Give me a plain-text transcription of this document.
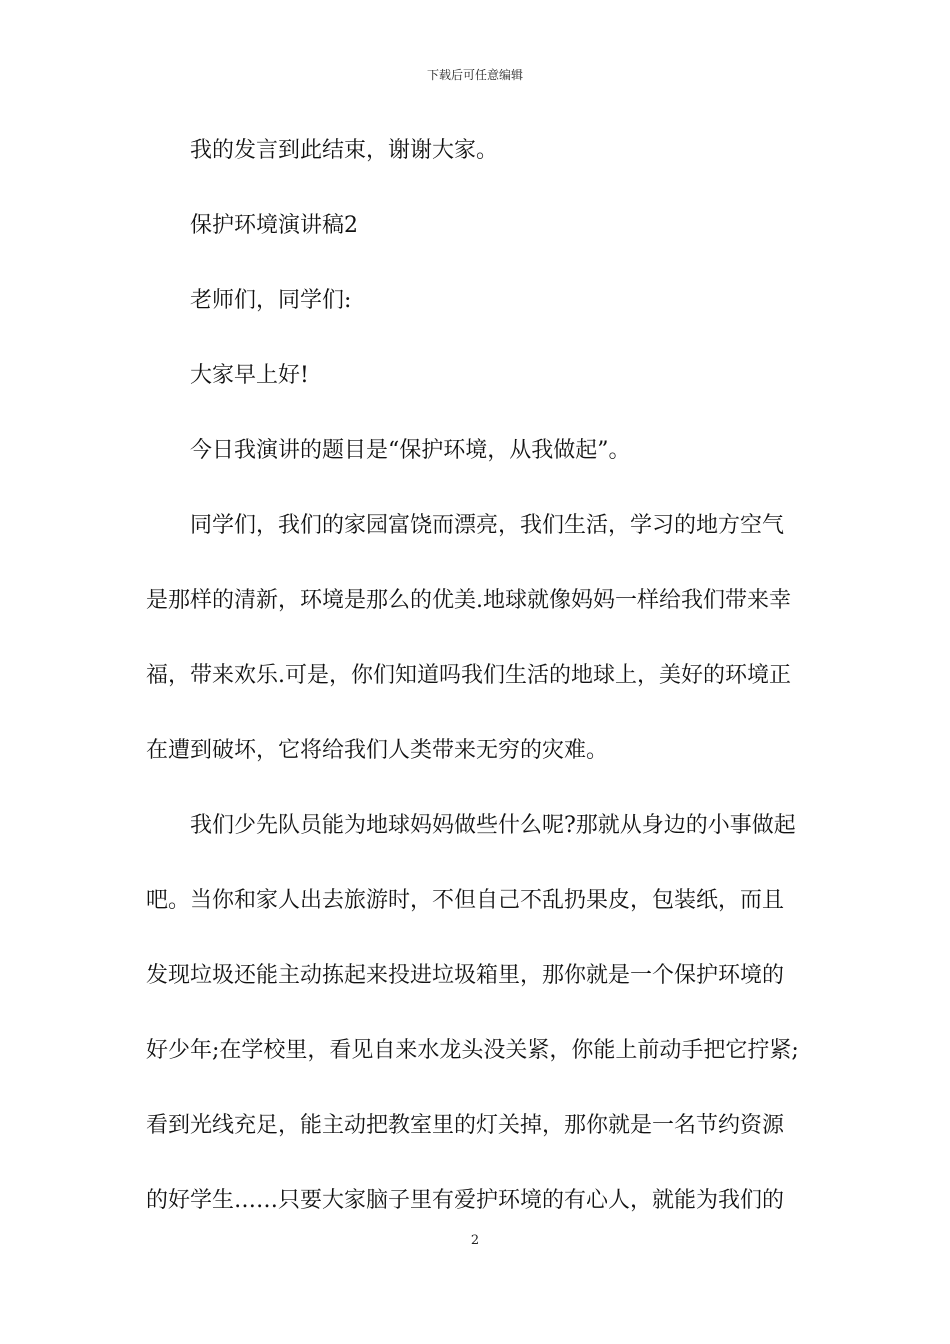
下载后可任意编辑
我的发言到此结束，谢谢大家。
保护环境演讲稿2
老师们，同学们:
大家早上好!
今日我演讲的题目是“保护环境，从我做起”。
同学们，我们的家园富饶而漂亮，我们生活，学习的地方空气
是那样的清新，环境是那么的优美.地球就像妈妈一样给我们带来幸
福，带来欢乐.可是，你们知道吗我们生活的地球上，美好的环境正
在遭到破坏，它将给我们人类带来无穷的灾难。
我们少先队员能为地球妈妈做些什么呢?那就从身边的小事做起
吧。当你和家人出去旅游时，不但自己不乱扔果皮，包装纸，而且
发现垃圾还能主动拣起来投进垃圾箱里，那你就是一个保护环境的
好少年;在学校里，看见自来水龙头没关紧，你能上前动手把它拧紧;
看到光线充足，能主动把教室里的灯关掉，那你就是一名节约资源
的好学生……只要大家脑子里有爱护环境的有心人，就能为我们的
2
